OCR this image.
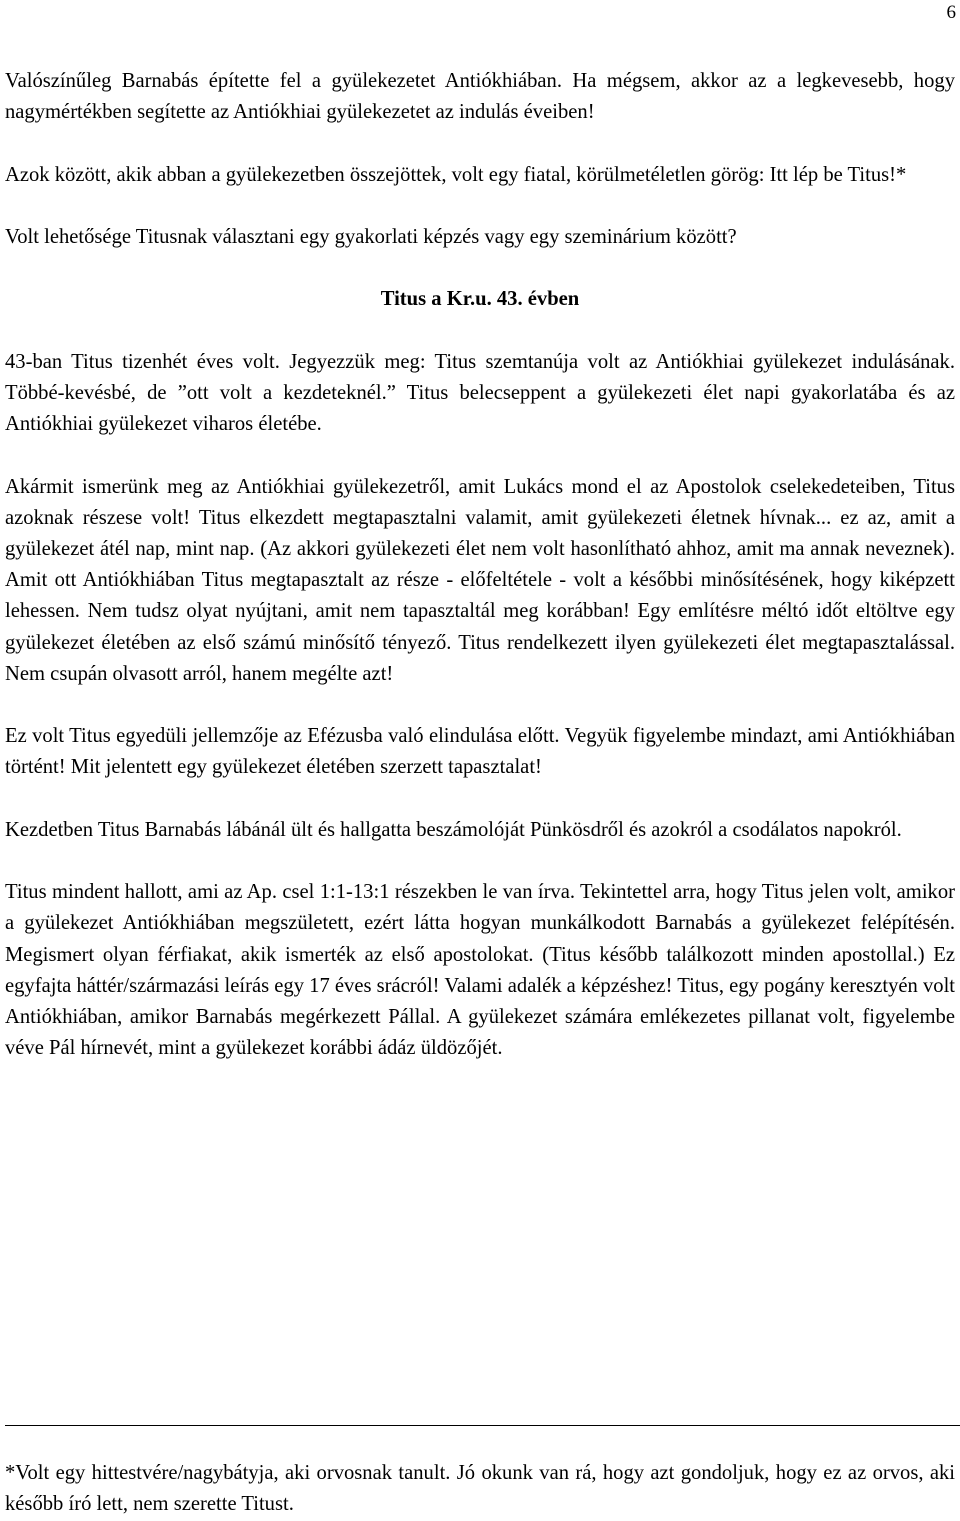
6

Valószínűleg Barnabás építette fel a gyülekezetet Antiókhiában. Ha mégsem, akkor az a legkevesebb, hogy nagymértékben segítette az Antiókhiai gyülekezetet az indulás éveiben!

Azok között, akik abban a gyülekezetben összejöttek, volt egy fiatal, körülmetéletlen görög: Itt lép be Titus!*

Volt lehetősége Titusnak választani egy gyakorlati képzés vagy egy szeminárium között?

Titus a Kr.u. 43. évben

43-ban Titus tizenhét éves volt. Jegyezzük meg: Titus szemtanúja volt az Antiókhiai gyülekezet indulásának. Többé-kevésbé, de ”ott volt a kezdeteknél.” Titus belecseppent a gyülekezeti élet napi gyakorlatába és az Antiókhiai gyülekezet viharos életébe.

Akármit ismerünk meg az Antiókhiai gyülekezetről, amit Lukács mond el az Apostolok cselekedeteiben, Titus azoknak részese volt! Titus elkezdett megtapasztalni valamit, amit gyülekezeti életnek hívnak... ez az, amit a gyülekezet átél nap, mint nap. (Az akkori gyülekezeti élet nem volt hasonlítható ahhoz, amit ma annak neveznek). Amit ott Antiókhiában Titus megtapasztalt az része - előfeltétele - volt a későbbi minősítésének, hogy kiképzett lehessen. Nem tudsz olyat nyújtani, amit nem tapasztaltál meg korábban! Egy említésre méltó időt eltöltve egy gyülekezet életében az első számú minősítő tényező. Titus rendelkezett ilyen gyülekezeti élet megtapasztalással. Nem csupán olvasott arról, hanem megélte azt!

Ez volt Titus egyedüli jellemzője az Efézusba való elindulása előtt. Vegyük figyelembe mindazt, ami Antiókhiában történt! Mit jelentett egy gyülekezet életében szerzett tapasztalat!

Kezdetben Titus Barnabás lábánál ült és hallgatta beszámolóját Pünkösdről és azokról a csodálatos napokról.

Titus mindent hallott, ami az Ap. csel 1:1-13:1 részekben le van írva. Tekintettel arra, hogy Titus jelen volt, amikor a gyülekezet Antiókhiában megszületett, ezért látta hogyan munkálkodott Barnabás a gyülekezet felépítésén. Megismert olyan férfiakat, akik ismerték az első apostolokat. (Titus később találkozott minden apostollal.) Ez egyfajta háttér/származási leírás egy 17 éves srácról! Valami adalék a képzéshez! Titus, egy pogány keresztyén volt Antiókhiában, amikor Barnabás megérkezett Pállal. A gyülekezet számára emlékezetes pillanat volt, figyelembe véve Pál hírnevét, mint a gyülekezet korábbi ádáz üldözőjét.

*Volt egy hittestvére/nagybátyja, aki orvosnak tanult. Jó okunk van rá, hogy azt gondoljuk, hogy ez az orvos, aki később író lett, nem szerette Titust.
